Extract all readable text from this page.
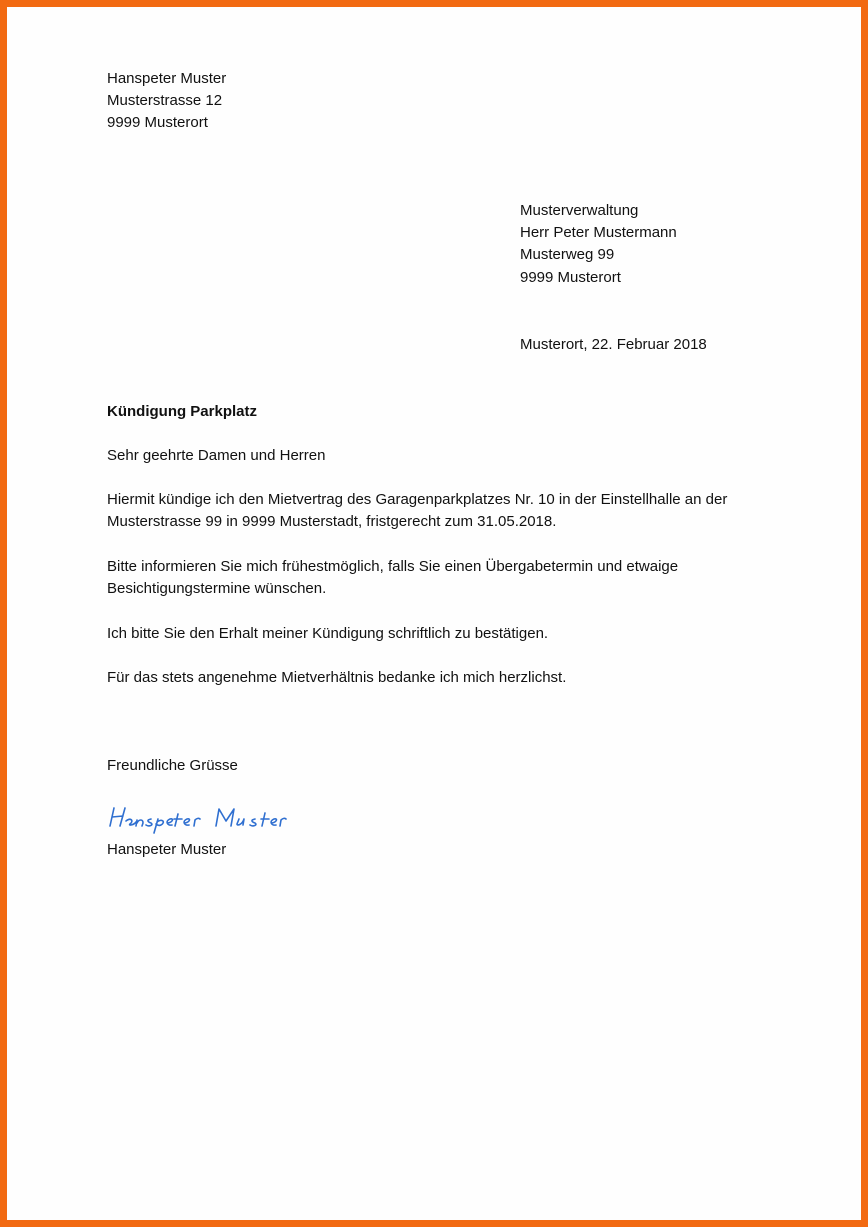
Hanspeter Muster
Musterstrasse 12
9999 Musterort
Musterverwaltung
Herr Peter Mustermann
Musterweg 99
9999 Musterort
Musterort, 22. Februar 2018
Kündigung Parkplatz
Sehr geehrte Damen und Herren
Hiermit kündige ich den Mietvertrag des Garagenparkplatzes Nr. 10 in der Einstellhalle an der
Musterstrasse 99 in 9999 Musterstadt, fristgerecht zum 31.05.2018.
Bitte informieren Sie mich frühestmöglich, falls Sie einen Übergabetermin und etwaige
Besichtigungstermine wünschen.
Ich bitte Sie den Erhalt meiner Kündigung schriftlich zu bestätigen.
Für das stets angenehme Mietverhältnis bedanke ich mich herzlichst.
Freundliche Grüsse
Hanspeter Muster
